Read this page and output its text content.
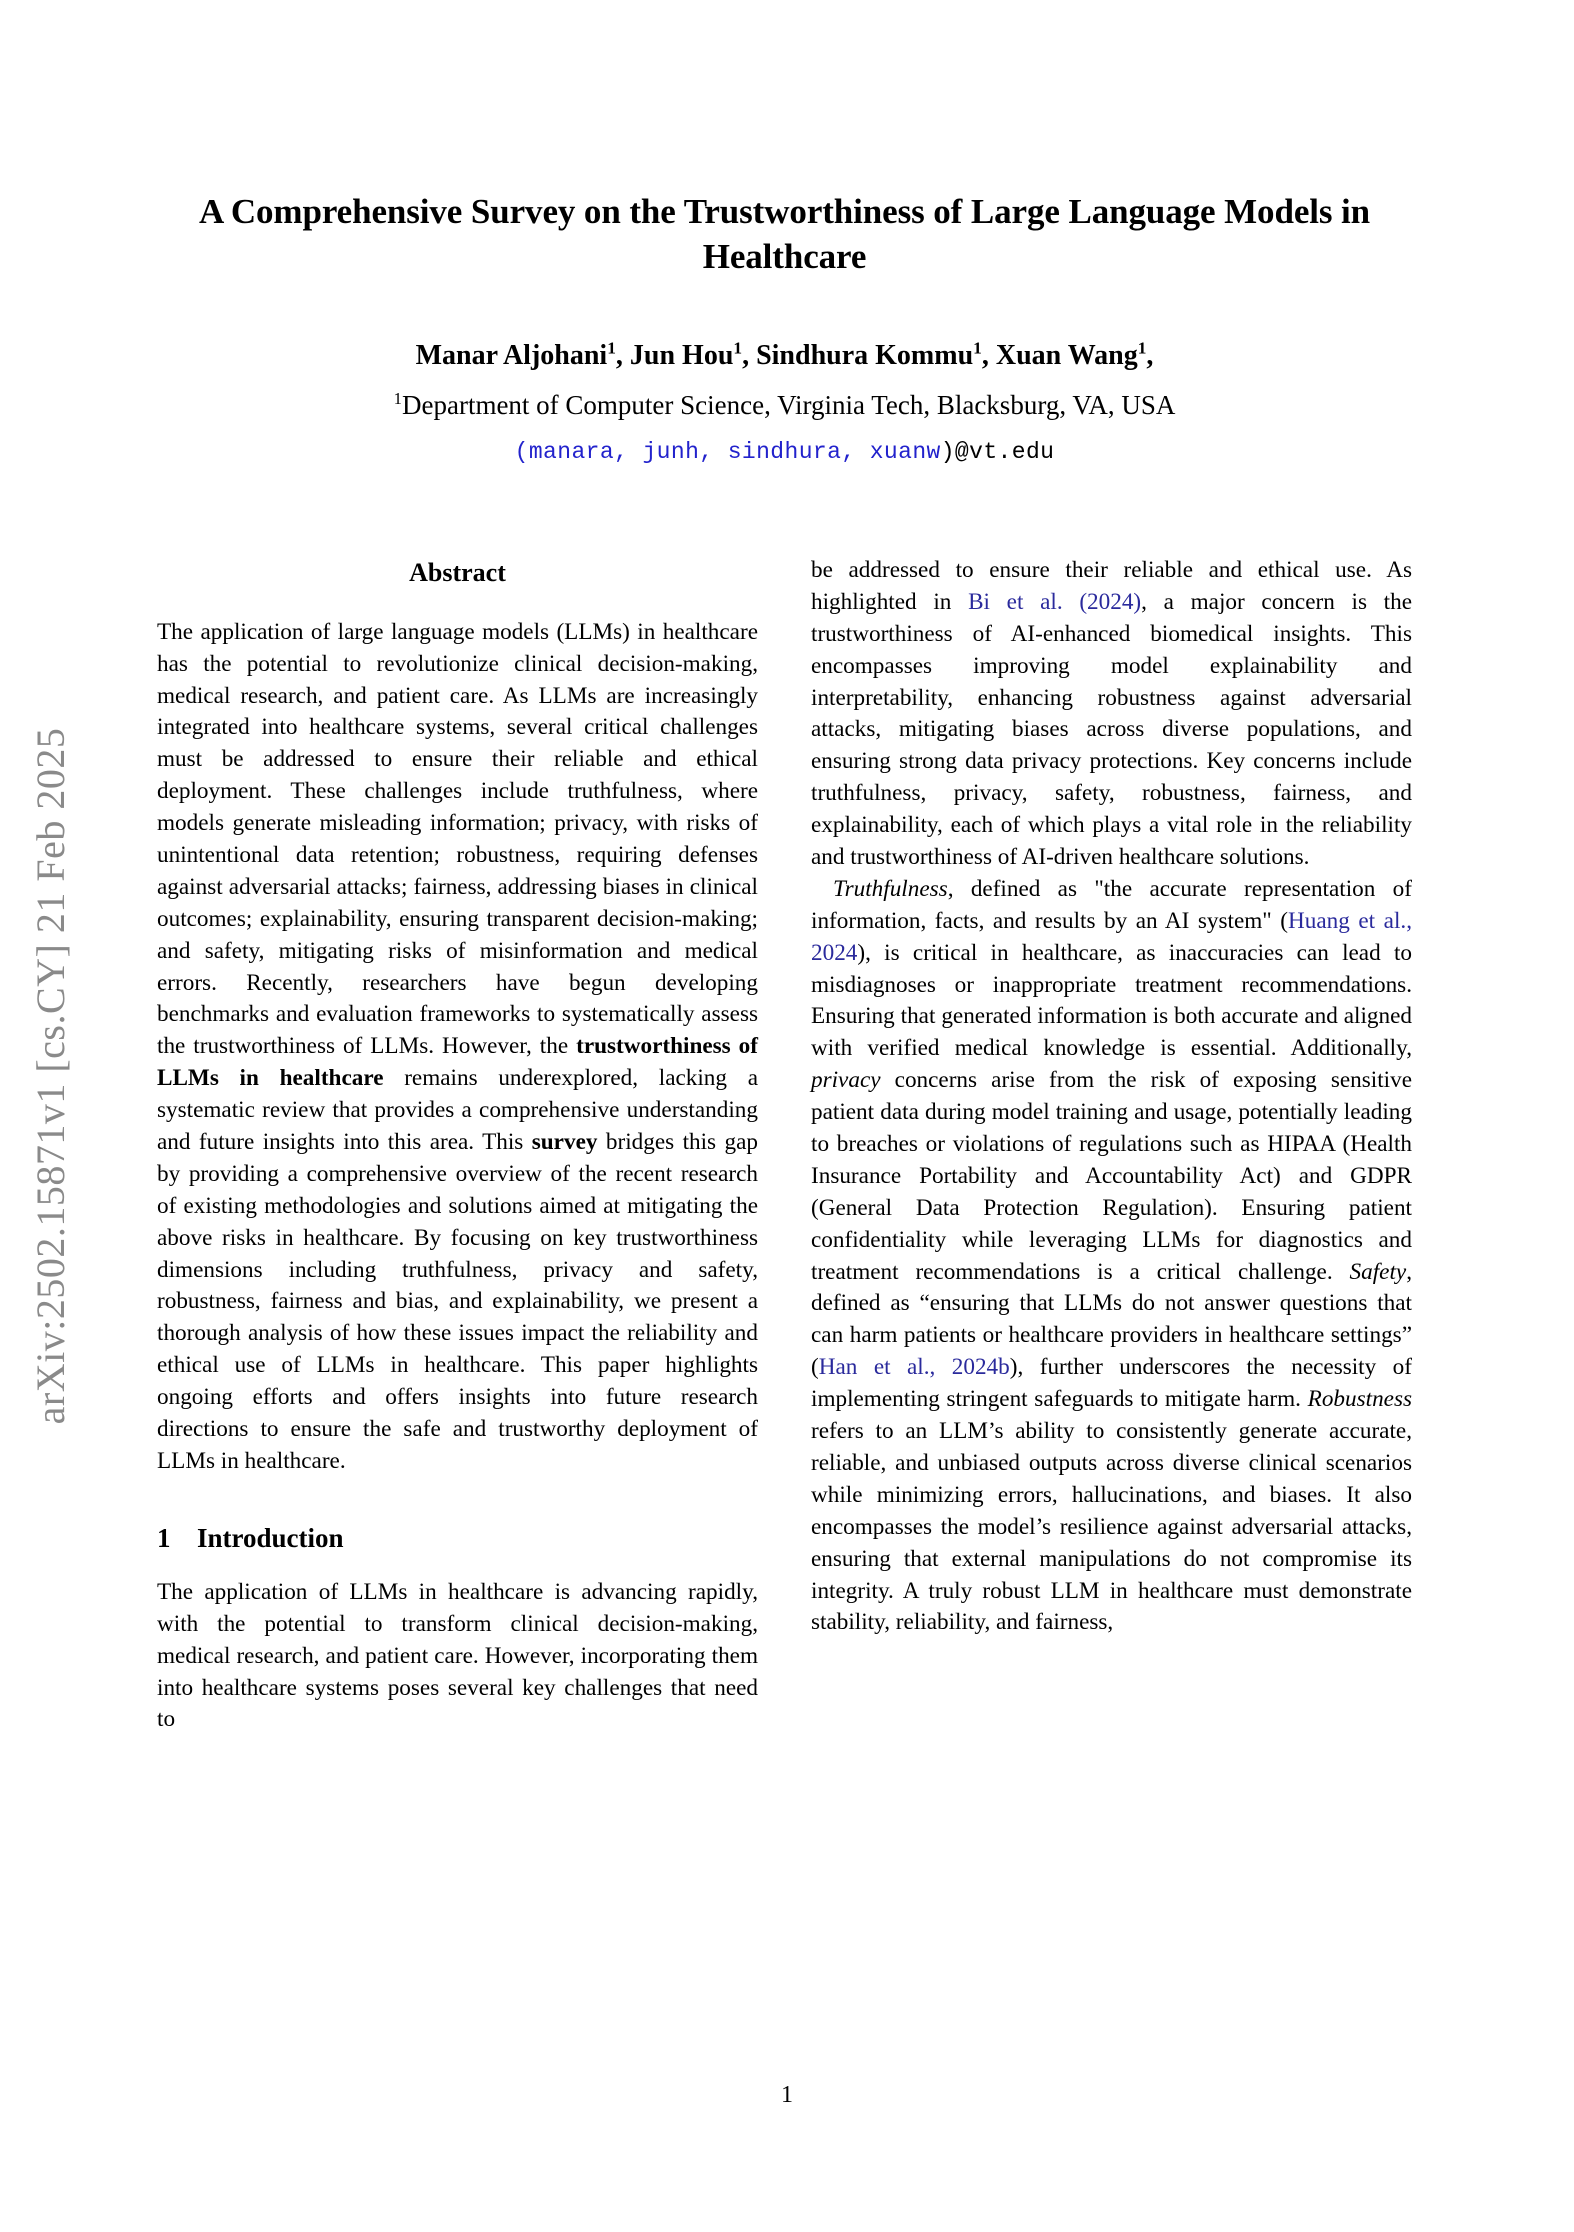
arXiv:2502.15871v1 [cs.CY] 21 Feb 2025
A Comprehensive Survey on the Trustworthiness of Large Language Models in Healthcare
Manar Aljohani$^1$, Jun Hou$^1$, Sindhura Kommu$^1$, Xuan Wang$^1$,
$^1$Department of Computer Science, Virginia Tech, Blacksburg, VA, USA
(manara, junh, sindhura, xuanw)@vt.edu
Abstract

The application of large language models (LLMs) in healthcare has the potential to revolutionize clinical decision-making, medical research, and patient care. As LLMs are increasingly integrated into healthcare systems, several critical challenges must be addressed to ensure their reliable and ethical deployment. These challenges include truthfulness, where models generate misleading information; privacy, with risks of unintentional data retention; robustness, requiring defenses against adversarial attacks; fairness, addressing biases in clinical outcomes; explainability, ensuring transparent decision-making; and safety, mitigating risks of misinformation and medical errors. Recently, researchers have begun developing benchmarks and evaluation frameworks to systematically assess the trustworthiness of LLMs. However, the trustworthiness of LLMs in healthcare remains underexplored, lacking a systematic review that provides a comprehensive understanding and future insights into this area. This survey bridges this gap by providing a comprehensive overview of the recent research of existing methodologies and solutions aimed at mitigating the above risks in healthcare. By focusing on key trustworthiness dimensions including truthfulness, privacy and safety, robustness, fairness and bias, and explainability, we present a thorough analysis of how these issues impact the reliability and ethical use of LLMs in healthcare. This paper highlights ongoing efforts and offers insights into future research directions to ensure the safe and trustworthy deployment of LLMs in healthcare.

1 Introduction

The application of LLMs in healthcare is advancing rapidly, with the potential to transform clinical decision-making, medical research, and patient care. However, incorporating them into healthcare systems poses several key challenges that need to

be addressed to ensure their reliable and ethical use. As highlighted in Bi et al. (2024), a major concern is the trustworthiness of AI-enhanced biomedical insights. This encompasses improving model explainability and interpretability, enhancing robustness against adversarial attacks, mitigating biases across diverse populations, and ensuring strong data privacy protections. Key concerns include truthfulness, privacy, safety, robustness, fairness, and explainability, each of which plays a vital role in the reliability and trustworthiness of AI-driven healthcare solutions.

Truthfulness, defined as "the accurate representation of information, facts, and results by an AI system" (Huang et al., 2024), is critical in healthcare, as inaccuracies can lead to misdiagnoses or inappropriate treatment recommendations. Ensuring that generated information is both accurate and aligned with verified medical knowledge is essential. Additionally, privacy concerns arise from the risk of exposing sensitive patient data during model training and usage, potentially leading to breaches or violations of regulations such as HIPAA (Health Insurance Portability and Accountability Act) and GDPR (General Data Protection Regulation). Ensuring patient confidentiality while leveraging LLMs for diagnostics and treatment recommendations is a critical challenge. Safety, defined as “ensuring that LLMs do not answer questions that can harm patients or healthcare providers in healthcare settings” (Han et al., 2024b), further underscores the necessity of implementing stringent safeguards to mitigate harm. Robustness refers to an LLM’s ability to consistently generate accurate, reliable, and unbiased outputs across diverse clinical scenarios while minimizing errors, hallucinations, and biases. It also encompasses the model’s resilience against adversarial attacks, ensuring that external manipulations do not compromise its integrity. A truly robust LLM in healthcare must demonstrate stability, reliability, and fairness,

1
